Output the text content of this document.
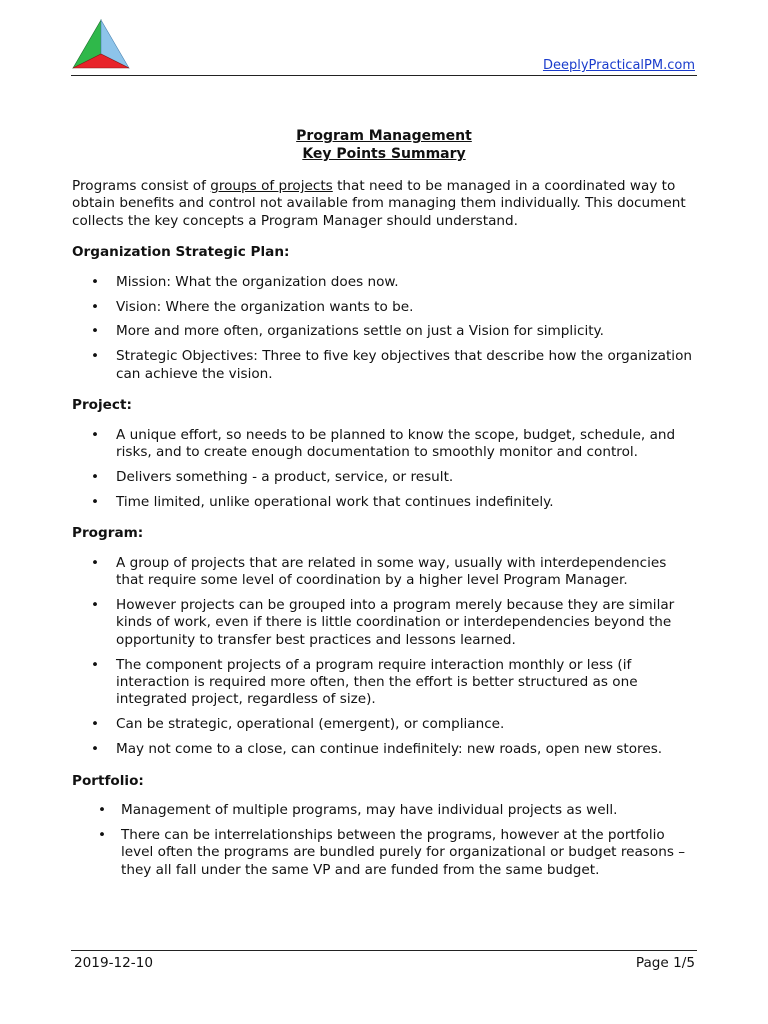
DeeplyPracticalPM.com
Program Management
Key Points Summary

Programs consist of groups of projects that need to be managed in a coordinated way to obtain benefits and control not available from managing them individually. This document collects the key concepts a Program Manager should understand.

Organization Strategic Plan:
• Mission: What the organization does now.
• Vision: Where the organization wants to be.
• More and more often, organizations settle on just a Vision for simplicity.
• Strategic Objectives: Three to five key objectives that describe how the organization can achieve the vision.
Project:
• A unique effort, so needs to be planned to know the scope, budget, schedule, and risks, and to create enough documentation to smoothly monitor and control.
• Delivers something - a product, service, or result.
• Time limited, unlike operational work that continues indefinitely.
Program:
• A group of projects that are related in some way, usually with interdependencies that require some level of coordination by a higher level Program Manager.
• However projects can be grouped into a program merely because they are similar kinds of work, even if there is little coordination or interdependencies beyond the opportunity to transfer best practices and lessons learned.
• The component projects of a program require interaction monthly or less (if interaction is required more often, then the effort is better structured as one integrated project, regardless of size).
• Can be strategic, operational (emergent), or compliance.
• May not come to a close, can continue indefinitely: new roads, open new stores.
Portfolio:
• Management of multiple programs, may have individual projects as well.
• There can be interrelationships between the programs, however at the portfolio level often the programs are bundled purely for organizational or budget reasons – they all fall under the same VP and are funded from the same budget.
2019-12-10	Page 1/5
